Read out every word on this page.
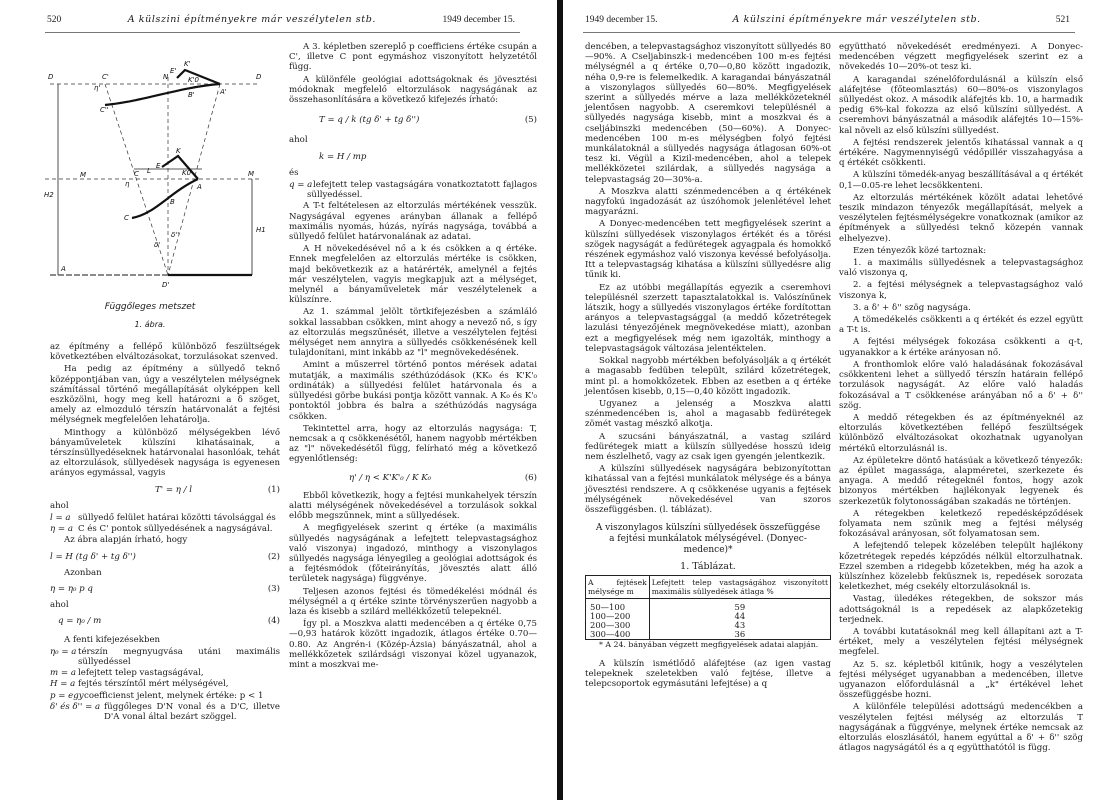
520	A külszini építményekre már veszélytelen stb.	1949 december 15.
D	D
C'
η'
C''
N
E'
K'
K'0
B'	A'
K
E
L
C	K0
M	M
η	A
B
C
H2
H1
δ''
δ'
A
D'
Függőleges metszet
1. ábra.

az építmény a fellépő különböző feszültségek következtében elváltozásokat, torzulásokat szenved.

Ha pedig az építmény a süllyedő teknő középpontjában van, úgy a veszélytelen mélységnek számítással történő megállapítását olyképpen kell eszközölni, hogy meg kell határozni a δ szöget, amely az elmozduló térszín határvonalát a fejtési mélységnek megfelelően lehatárolja.

Minthogy a különböző mélységekben lévő bányaműveletek külszíni kihatásainak, a térszínsüllyedéseknek határvonalai hasonlóak, tehát az eltorzulások, süllyedések nagysága is egyenesen arányos egymással, vagyis

T' = η / l	(1)

ahol

l = a süllyedő felület határai közötti távolsággal és
η = a C és C' pontok süllyedésének a nagyságával.

Az ábra alapján írható, hogy

l = H (tg δ' + tg δ'')	(2)

Azonban

η = η₀ p q	(3)

ahol

q = η₀ / m	(4)

A fenti kifejezésekben

η₀ = a térszín megnyugvása utáni maximális süllyedéssel
m = a lefejtett telep vastagságával,
H = a fejtés térszíntől mért mélységével,
p = egy coefficienst jelent, melynek értéke: p < 1
δ' és δ'' = a függőleges D'N vonal és a D'C, illetve D'A vonal által bezárt szöggel.

A 3. képletben szereplő p coefficiens értéke csupán a C', illetve C pont egymáshoz viszonyított helyzetétől függ.

A különféle geológiai adottságoknak és jövesztési módoknak megfelelő eltorzulások nagyságának az összehasonlítására a következő kifejezés írható:

T = q / k (tg δ' + tg δ'')	(5)

ahol

k = H / mp

és

q = a lefejtett telep vastagságára vonatkoztatott fajlagos süllyedéssel.

A T-t feltételesen az eltorzulás mértékének vesszük. Nagyságával egyenes arányban állanak a fellépő maximális nyomás, húzás, nyírás nagysága, továbbá a süllyedő felület határvonalának az adatai.

A H növekedésével nő a k és csökken a q értéke. Ennek megfelelően az eltorzulás mértéke is csökken, majd bekövetkezik az a határérték, amelynél a fejtés már veszélytelen, vagyis megkapjuk azt a mélységet, melynél a bányaműveletek már veszélytelenek a külszínre.

Az 1. számmal jelölt törtkifejezésben a számláló sokkal lassabban csökken, mint ahogy a nevező nő, s így az eltorzulás megszűnését, illetve a veszélytelen fejtési mélységet nem annyira a süllyedés csökkenésének kell tulajdonítani, mint inkább az "l" megnövekedésének.

Amint a műszerrel történő pontos mérések adatai mutatják, a maximális széthúzódások (KK₀ és K'K'₀ ordináták) a süllyedési felület határvonala és a süllyedési görbe bukási pontja között vannak. A K₀ és K'₀ pontoktól jobbra és balra a széthúzódás nagysága csökken.

Tekintettel arra, hogy az eltorzulás nagysága: T, nemcsak a q csökkenésétől, hanem nagyobb mértékben az "l" növekedésétől függ, felírható még a következő egyenlőtlenség:

η' / η < K'K'₀ / K K₀	(6)

Ebből következik, hogy a fejtési munkahelyek térszín alatti mélységének növekedésével a torzulások sokkal előbb megszűnnek, mint a süllyedések.

A megfigyelések szerint q értéke (a maximális süllyedés nagyságának a lefejtett telepvastagsághoz való viszonya) ingadozó, minthogy a viszonylagos süllyedés nagysága lényegileg a geológiai adottságok és a fejtésmódok (főteirányítás, jövesztés alatt álló területek nagysága) függvénye.

Teljesen azonos fejtési és tömedékelési módnál és mélységnél a q értéke szinte törvényszerűen nagyobb a laza és kisebb a szilárd mellékkőzetű telepeknél.

Így pl. a Moszkva alatti medencében a q értéke 0,75—0,93 határok között ingadozik, átlagos értéke 0.70—0.80. Az Angrén-i (Közép-Ázsia) bányászatnál, ahol a mellékkőzetek szilárdsági viszonyai közel ugyanazok, mint a moszkvai me-

1949 december 15.	A külszini építményekre már veszélytelen stb.	521

dencében, a telepvastagsághoz viszonyított süllyedés 80—90%. A Cseljabinszk-i medencében 100 m-es fejtési mélységnél a q értéke 0,70—0,80 között ingadozik, néha 0,9-re is felemelkedik. A karagandai bányászatnál a viszonylagos süllyedés 60—80%. Megfigyelések szerint a süllyedés mérve a laza mellékközeteknél jelentősen nagyobb. A cseremkovi településnél a süllyedés nagysága kisebb, mint a moszkvai és a cseljábinszki medencében (50—60%). A Donyec-medencében 100 m-es mélységben folyó fejtési munkálatoknál a süllyedés nagysága átlagosan 60%-ot tesz ki. Végül a Kizil-medencében, ahol a telepek mellékközetei szilárdak, a süllyedés nagysága a telepvastagság 20—30%-a.

A Moszkva alatti szénmedencében a q értékének nagyfokú ingadozását az úszóhomok jelenlétével lehet magyarázni.

A Donyec-medencében tett megfigyelések szerint a külszíni süllyedések viszonylagos értékét és a törési szögek nagyságát a fedürétegek agyagpala és homokkő részének egymáshoz való viszonya kevéssé befolyásolja. Itt a telepvastagság kihatása a külszíni süllyedésre alig tűnik ki.

Ez az utóbbi megállapítás egyezik a cseremhovi településnél szerzett tapasztalatokkal is. Valószínűnek látszik, hogy a süllyedés viszonylagos értéke fordítottan arányos a telepvastagsággal (a meddő kőzetrétegek lazulási tényezőjének megnövekedése miatt), azonban ezt a megfigyelések még nem igazolták, minthogy a telepvastagságok változása jelentéktelen.

Sokkal nagyobb mértékben befolyásolják a q értékét a magasabb fedüben települt, szilárd kőzetrétegek, mint pl. a homokkőzetek. Ebben az esetben a q értéke jelentősen kisebb, 0,15—0,40 között ingadozik.

Ugyanez a jelenség a Moszkva alatti szénmedencében is, ahol a magasabb fedürétegek zömét vastag mészkő alkotja.

A szucsáni bányászatnál, a vastag szilárd fedürétegek miatt a külszín süllyedése hosszú ideig nem észlelhető, vagy az csak igen gyengén jelentkezik.

A külszíni süllyedések nagyságára bebizonyítottan kihatással van a fejtési munkálatok mélysége és a bánya jövesztési rendszere. A q csökkenése ugyanis a fejtések mélységének növekedésével van szoros összefüggésben. (l. táblázat).

A viszonylagos külszíni süllyedések összefüggése a fejtési munkálatok mélységével. (Donyec-medence)*

1. Táblázat.

A fejtések mélysége m	Lefejtett telep vastagságához viszonyított maximális süllyedések átlaga %
50—100	59
100—200	44
200—300	43
300—400	36

* A 24. bányában végzett megfigyelések adatai alapján.

A külszín ismétlődő aláfejtése (az igen vastag telepeknek szeletekben való fejtése, illetve a telepcsoportok egymásutáni lefejtése) a q

együttható növekedését eredményezi. A Donyec-medencében végzett megfigyelések szerint ez a növekedés 10—20%-ot tesz ki.

A karagandai szénelőfordulásnál a külszín első aláfejtése (főteomlasztás) 60—80%-os viszonylagos süllyedést okoz. A második aláfejtés kb. 10, a harmadik pedig 6%-kal fokozza az első külszíni süllyedést. A cseremhovi bányászatnál a második aláfejtés 10—15%-kal növeli az első külszíni süllyedést.

A fejtési rendszerek jelentős kihatással vannak a q értékére. Nagymennyiségű védőpillér visszahagyása a q értékét csökkenti.

A külszíni tömedék-anyag beszállításával a q értékét 0,1—0.05-re lehet lecsökkenteni.

Az eltorzulás mértékének közölt adatai lehetővé teszik mindazon tényezők megállapítását, melyek a veszélytelen fejtésmélységekre vonatkoznak (amikor az építmények a süllyedési teknő közepén vannak elhelyezve).

Ezen tényezők közé tartoznak:

1. a maximális süllyedésnek a telepvastagsághoz való viszonya q,

2. a fejtési mélységnek a telepvastagsághoz való viszonya k,

3. a δ' + δ'' szög nagysága.

A tömedékelés csökkenti a q értékét és ezzel együtt a T-t is.

A fejtési mélységek fokozása csökkenti a q-t, ugyanakkor a k értéke arányosan nő.

A fronthomlok előre való haladásának fokozásával csökkenteni lehet a süllyedő térszín határain fellépő torzulások nagyságát. Az előre való haladás fokozásával a T csökkenése arányában nő a δ' + δ'' szög.

A meddő rétegekben és az építményeknél az eltorzulás következtében fellépő feszültségek különböző elváltozásokat okozhatnak ugyanolyan mértékű eltorzulásnál is.

Az épületekre döntő hatásúak a következő tényezők: az épület magassága, alapméretei, szerkezete és anyaga. A meddő rétegeknél fontos, hogy azok bizonyos mértékben hajlékonyak legyenek és szerkezetük folytonosságában szakadás ne történjen.

A rétegekben keletkező repedésképződések folyamata nem szűnik meg a fejtési mélység fokozásával arányosan, sőt folyamatosan sem.

A lefejtendő telepek közelében települt hajlékony kőzetrétegek repedés képződés nélkül eltorzulhatnak. Ezzel szemben a ridegebb kőzetekben, még ha azok a külszínhez közelebb feküsznek is, repedések sorozata keletkezhet, még csekély eltorzulásoknál is.

Vastag, üledékes rétegekben, de sokszor más adottságoknál is a repedések az alapkőzetekig terjednek.

A további kutatásoknál meg kell állapítani azt a T-értéket, mely a veszélytelen fejtési mélységnek megfelel.

Az 5. sz. képletből kitűnik, hogy a veszélytelen fejtési mélységet ugyanabban a medencében, illetve ugyanazon előfordulásnál a „k" értékével lehet összefüggésbe hozni.

A különféle települési adottságú medencékben a veszélytelen fejtési mélység az eltorzulás T nagyságának a függvénye, melynek értéke nemcsak az eltorzulás eloszlásától, hanem egyúttal a δ' + δ'' szög átlagos nagyságától és a q együtthatótól is függ.
